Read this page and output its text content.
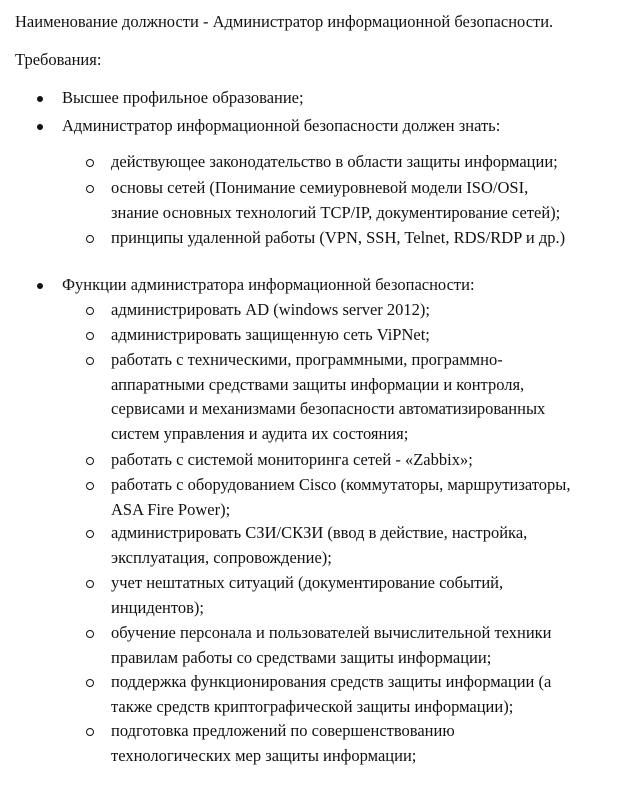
Наименование должности - Администратор информационной безопасности.
Требования:
Высшее профильное образование;
Администратор информационной безопасности должен знать:
действующее законодательство в области защиты информации;
основы сетей (Понимание семиуровневой модели ISO/OSI,
знание основных технологий TCP/IP, документирование сетей);
принципы удаленной работы (VPN, SSH, Telnet, RDS/RDP и др.)
Функции администратора информационной безопасности:
администрировать AD (windows server 2012);
администрировать защищенную сеть ViPNet;
работать с техническими, программными, программно-
аппаратными средствами защиты информации и контроля,
сервисами и механизмами безопасности автоматизированных
систем управления и аудита их состояния;
работать с системой мониторинга сетей - «Zabbix»;
работать с оборудованием Cisco (коммутаторы, маршрутизаторы,
ASA Fire Power);
администрировать СЗИ/СКЗИ (ввод в действие, настройка,
эксплуатация, сопровождение);
учет нештатных ситуаций (документирование событий,
инцидентов);
обучение персонала и пользователей вычислительной техники
правилам работы со средствами защиты информации;
поддержка функционирования средств защиты информации (а
также средств криптографической защиты информации);
подготовка предложений по совершенствованию
технологических мер защиты информации;
